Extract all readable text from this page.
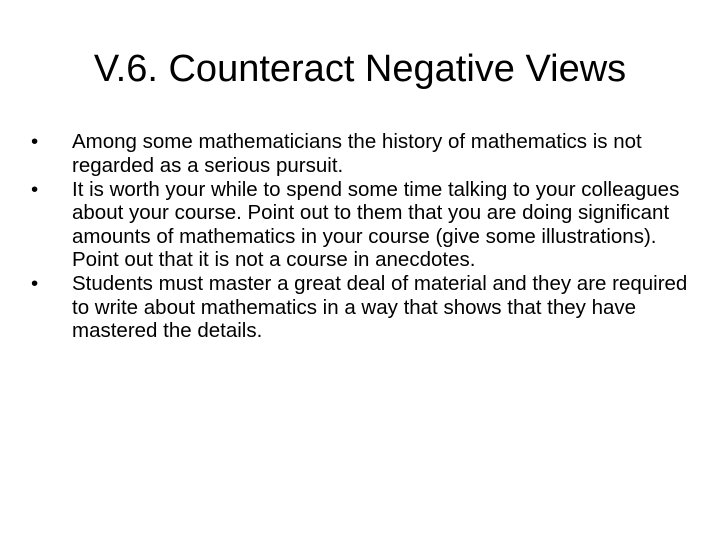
V.6. Counteract Negative Views
•	Among some mathematicians the history of mathematics is not regarded as a serious pursuit.
•	It is worth your while to spend some time talking to your colleagues about your course. Point out to them that you are doing significant amounts of mathematics in your course (give some illustrations). Point out that it is not a course in anecdotes.
•	Students must master a great deal of material and they are required to write about mathematics in a way that shows that they have mastered the details.
